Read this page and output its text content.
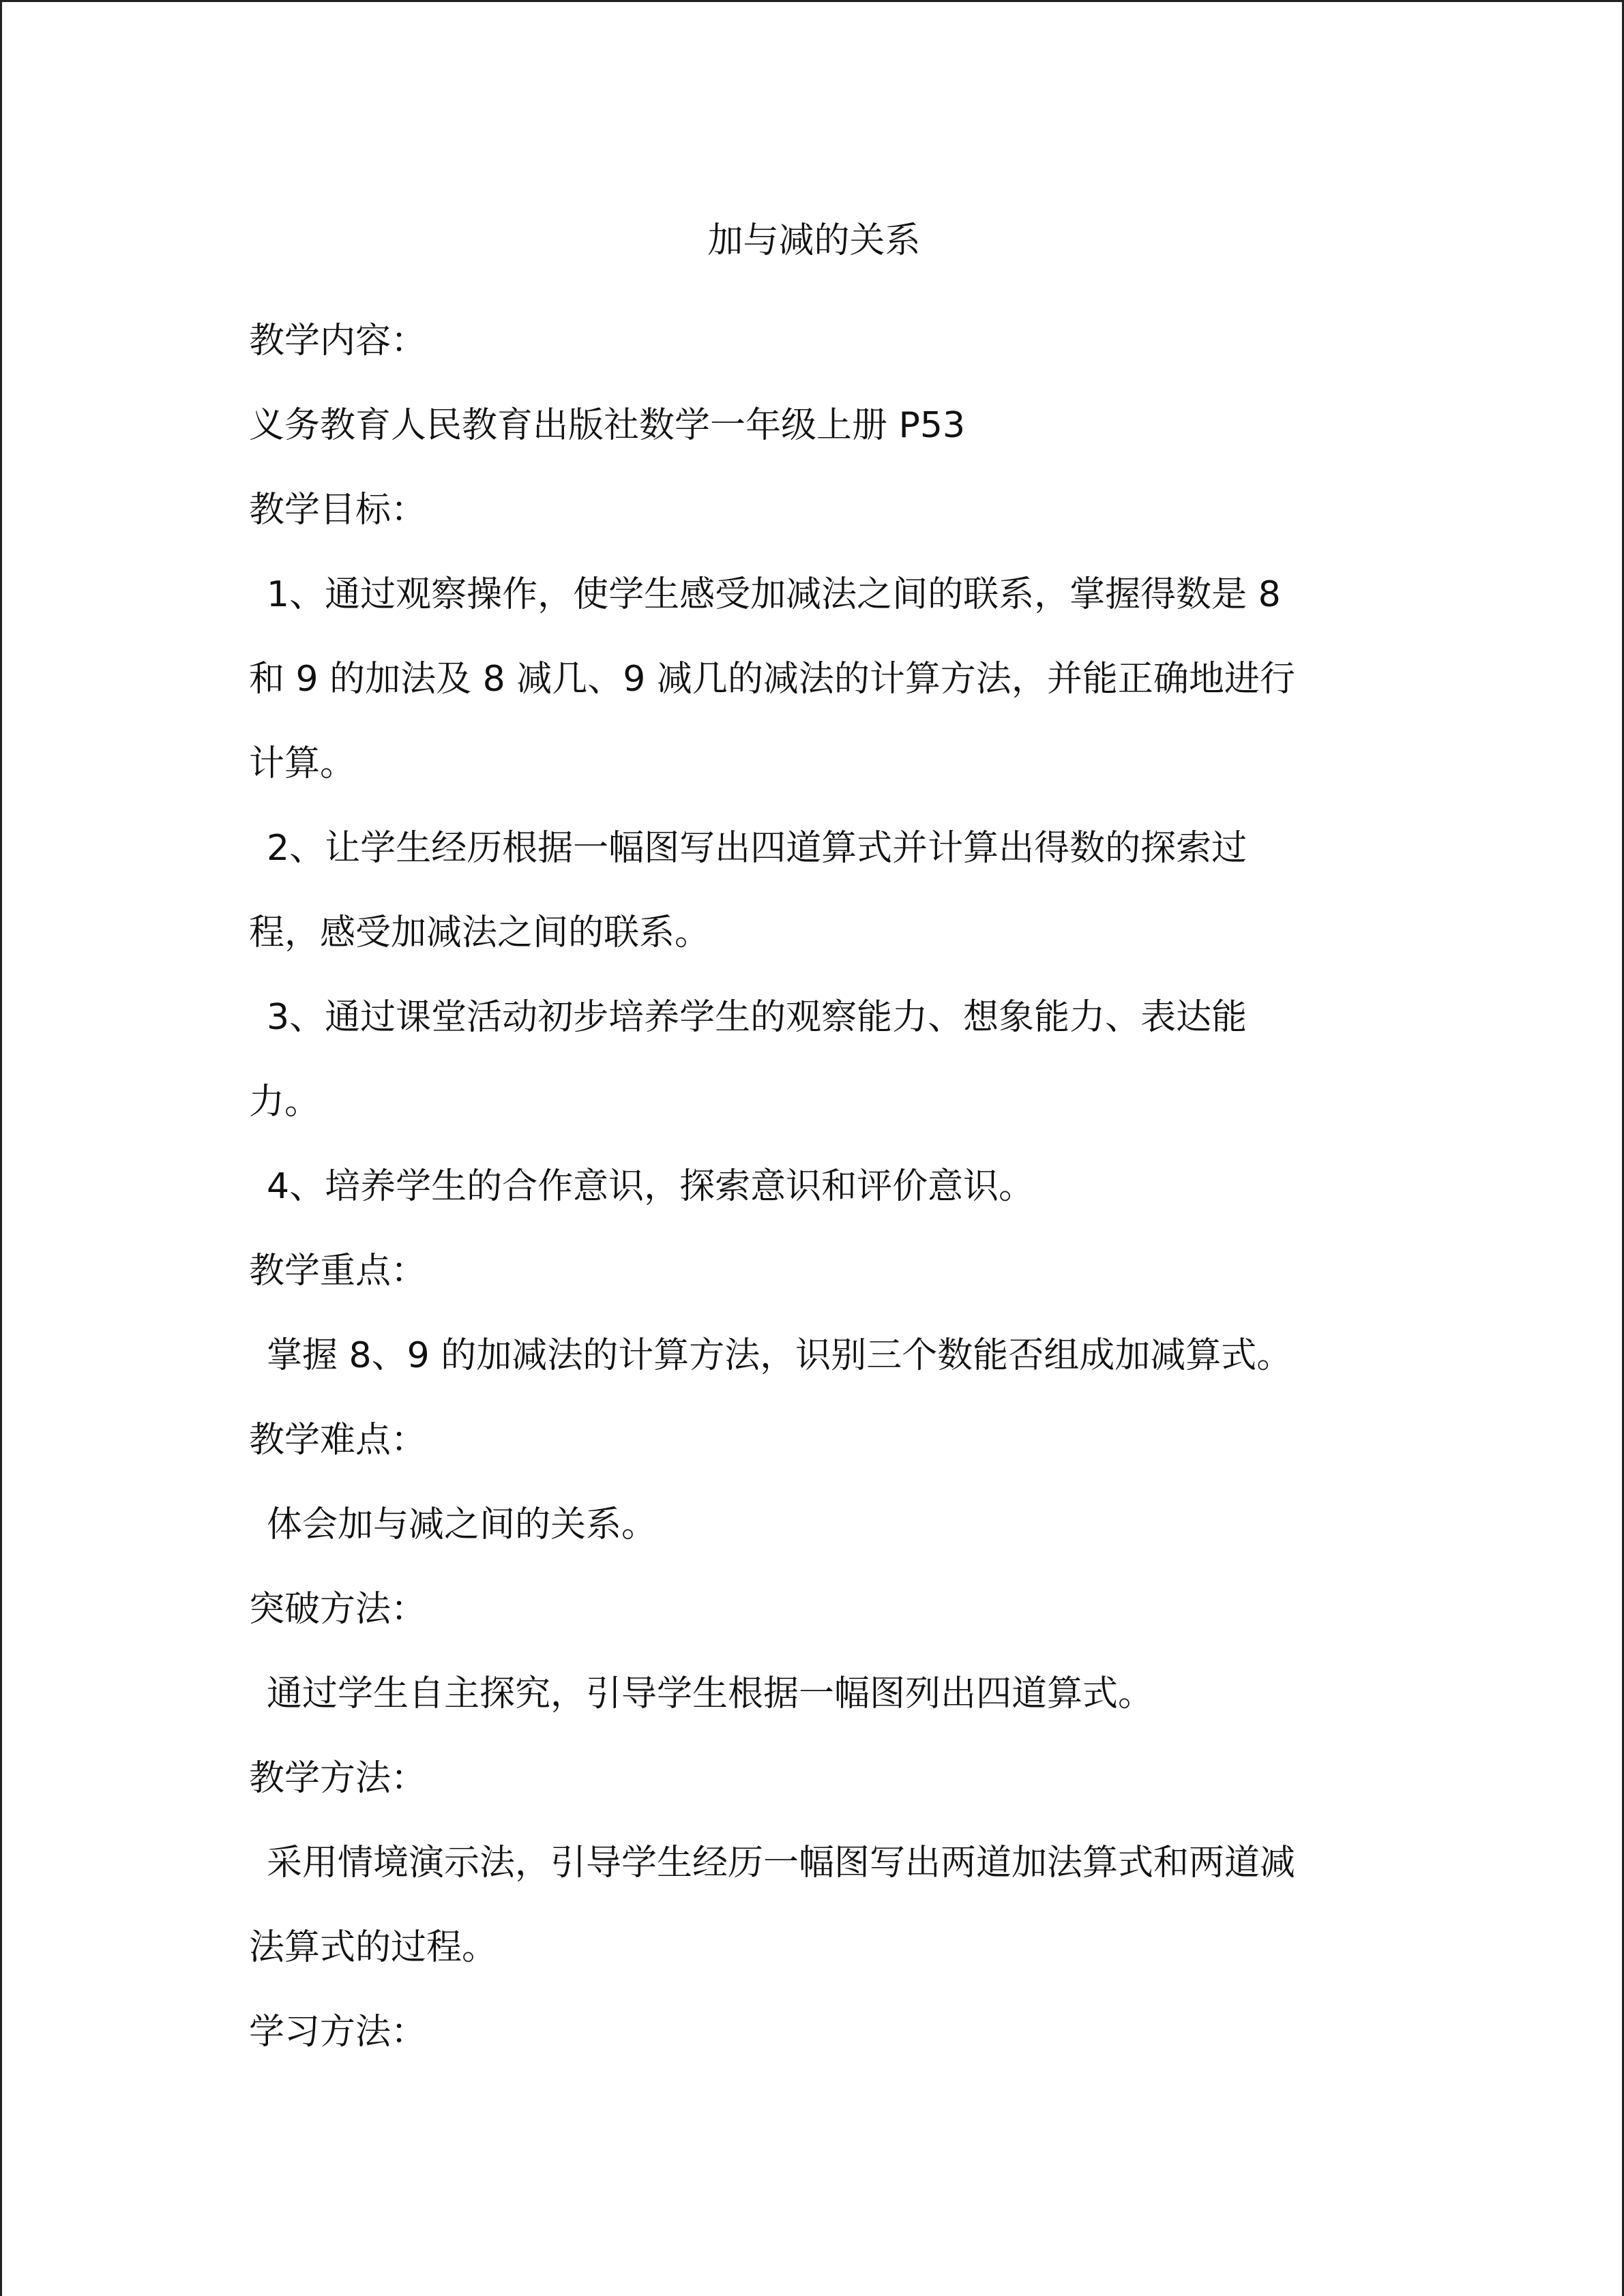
加与减的关系
教学内容：
义务教育人民教育出版社数学一年级上册 P53
教学目标：
1、通过观察操作，使学生感受加减法之间的联系，掌握得数是 8
和 9 的加法及 8 减几、9 减几的减法的计算方法，并能正确地进行
计算。
2、让学生经历根据一幅图写出四道算式并计算出得数的探索过
程，感受加减法之间的联系。
3、通过课堂活动初步培养学生的观察能力、想象能力、表达能
力。
4、培养学生的合作意识，探索意识和评价意识。
教学重点：
掌握 8、9 的加减法的计算方法，识别三个数能否组成加减算式。
教学难点：
体会加与减之间的关系。
突破方法：
通过学生自主探究，引导学生根据一幅图列出四道算式。
教学方法：
采用情境演示法，引导学生经历一幅图写出两道加法算式和两道减
法算式的过程。
学习方法：
